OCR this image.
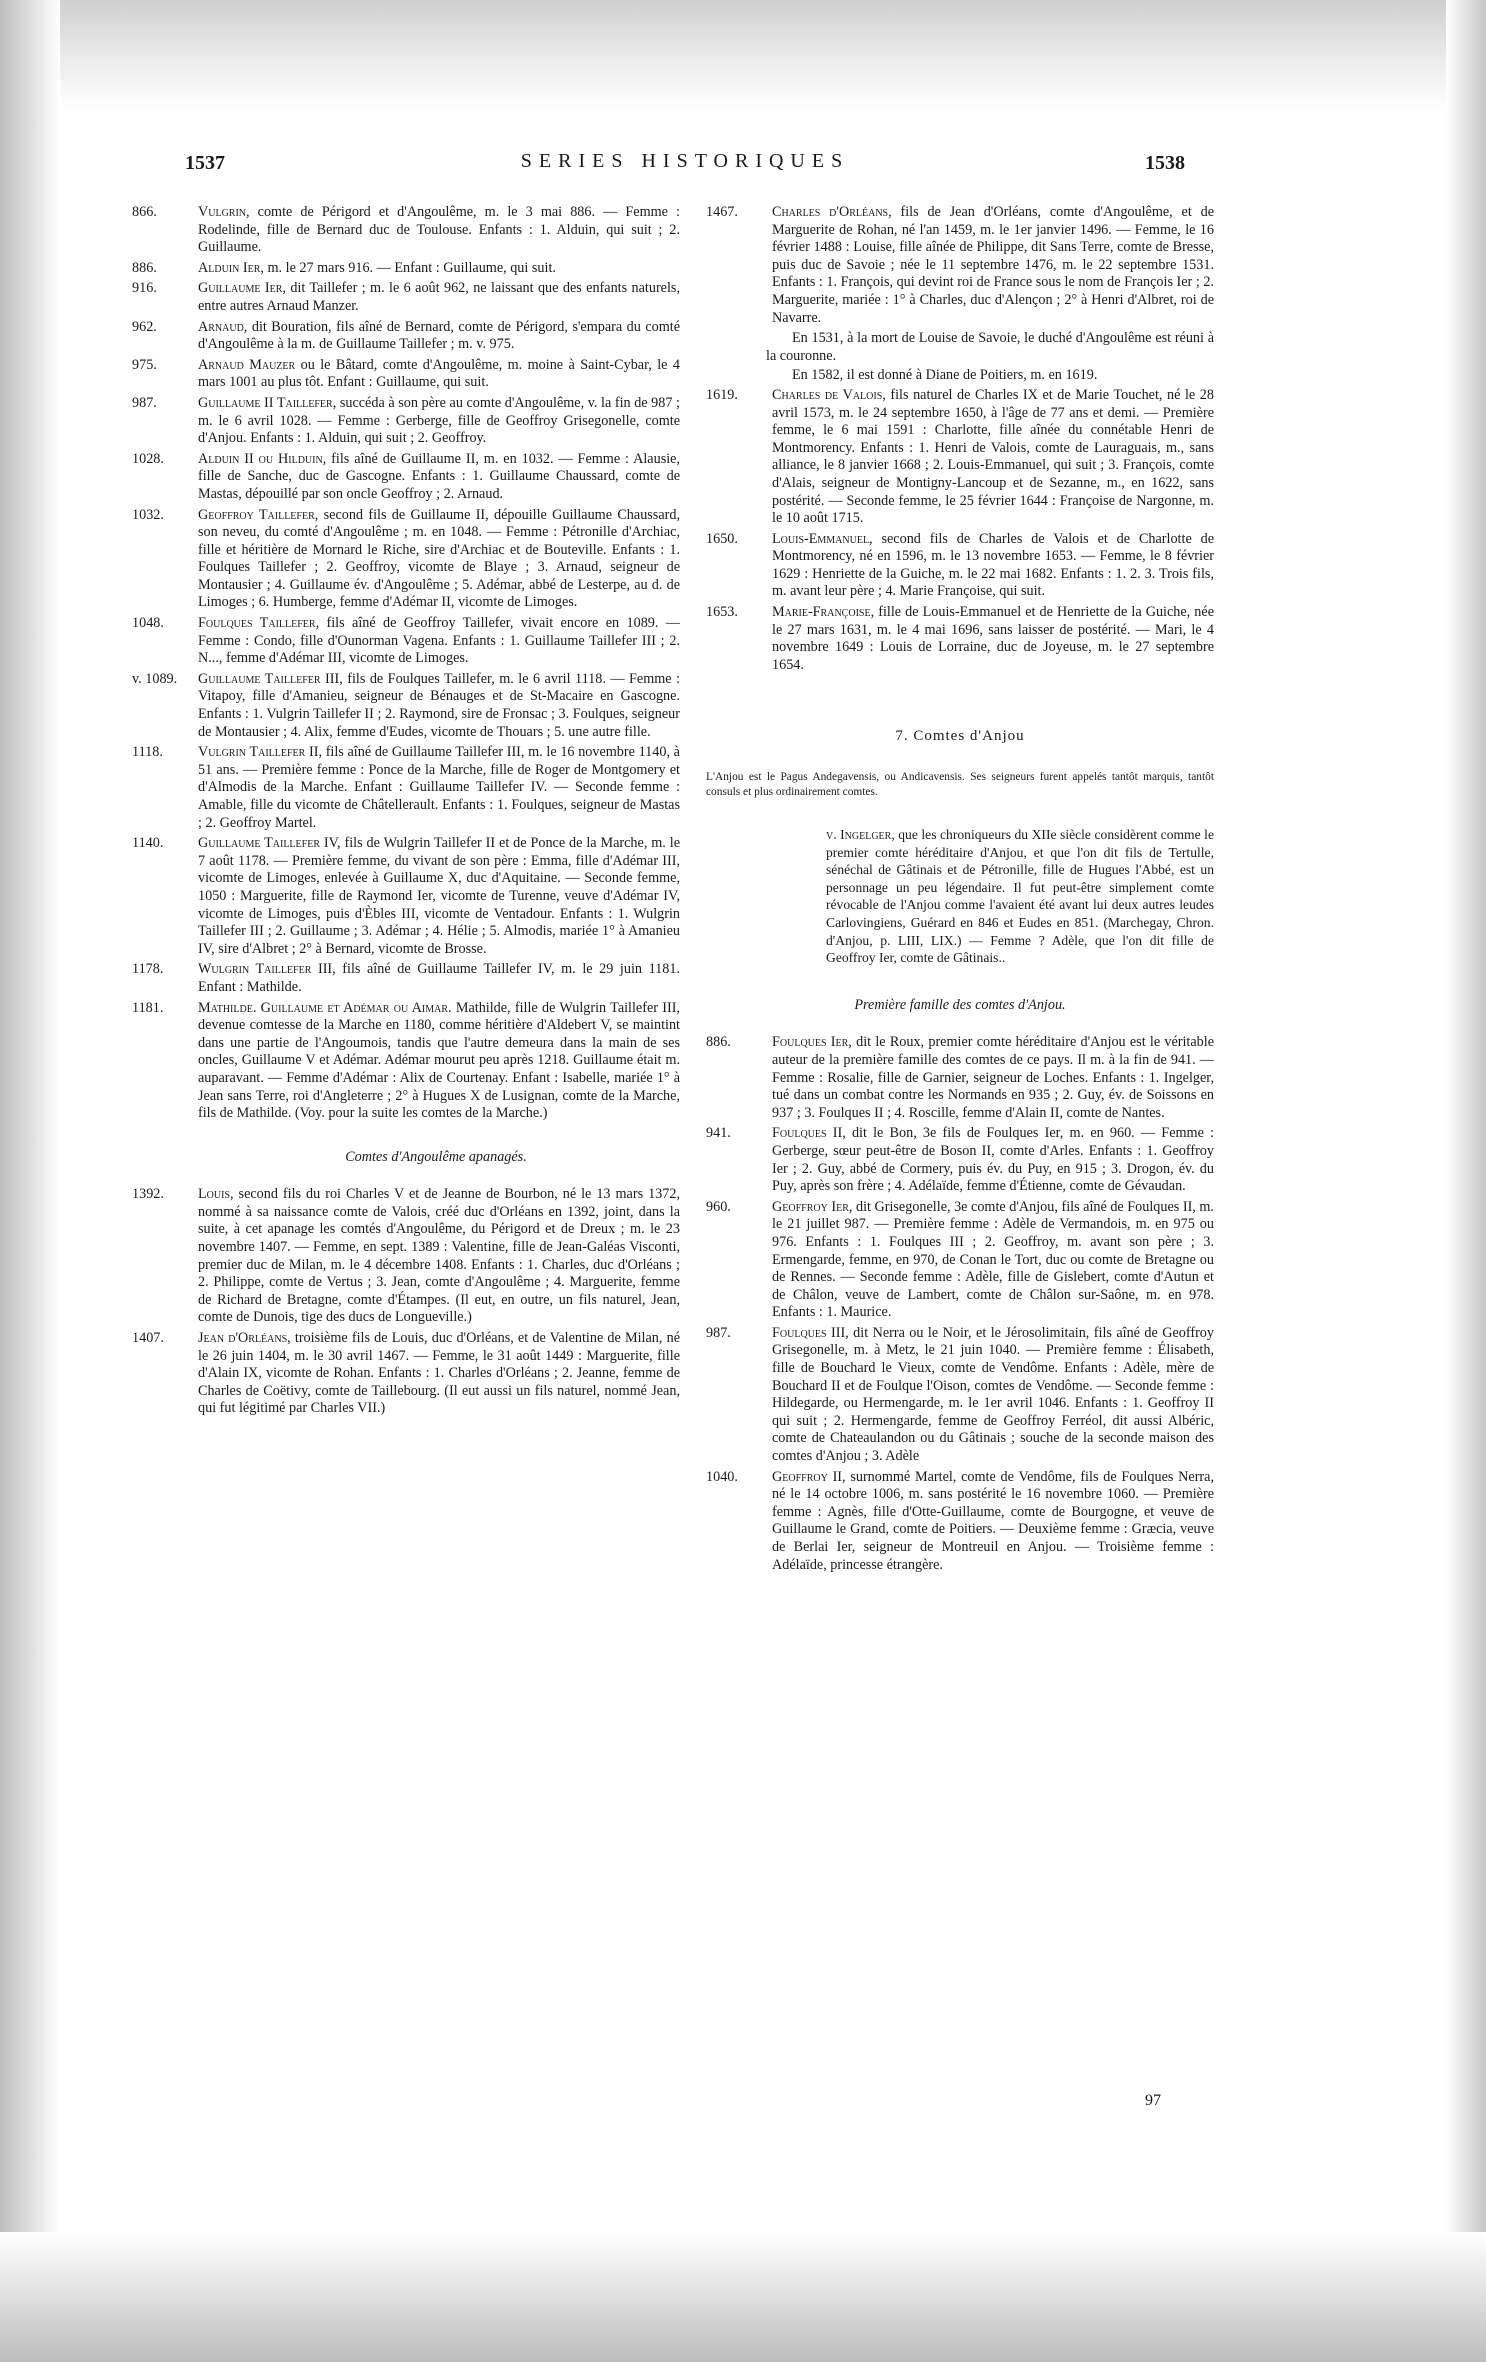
1537	SERIES HISTORIQUES	1538
866.	Vulgrin, comte de Périgord et d'Angoulême, m. le 3 mai 886. — Femme : Rodelinde, fille de Bernard duc de Toulouse. Enfants : 1. Alduin, qui suit ; 2. Guillaume.
886.	Alduin Ier, m. le 27 mars 916. — Enfant : Guillaume, qui suit.
916.	Guillaume Ier, dit Taillefer ; m. le 6 août 962, ne laissant que des enfants naturels, entre autres Arnaud Manzer.
962.	Arnaud, dit Bouration, fils aîné de Bernard, comte de Périgord, s'empara du comté d'Angoulême à la m. de Guillaume Taillefer ; m. v. 975.
975.	Arnaud Mauzer ou le Bâtard, comte d'Angoulême, m. moine à Saint-Cybar, le 4 mars 1001 au plus tôt. Enfant : Guillaume, qui suit.
987.	Guillaume II Taillefer, succéda à son père au comte d'Angoulême, v. la fin de 987 ; m. le 6 avril 1028. — Femme : Gerberge, fille de Geoffroy Grisegonelle, comte d'Anjou. Enfants : 1. Alduin, qui suit ; 2. Geoffroy.
1028.	Alduin II ou Hilduin, fils aîné de Guillaume II, m. en 1032. — Femme : Alausie, fille de Sanche, duc de Gascogne. Enfants : 1. Guillaume Chaussard, comte de Mastas, dépouillé par son oncle Geoffroy ; 2. Arnaud.
1032.	Geoffroy Taillefer, second fils de Guillaume II, dépouille Guillaume Chaussard, son neveu, du comté d'Angoulême ; m. en 1048. — Femme : Pétronille d'Archiac, fille et héritière de Mornard le Riche, sire d'Archiac et de Bouteville. Enfants : 1. Foulques Taillefer ; 2. Geoffroy, vicomte de Blaye ; 3. Arnaud, seigneur de Montausier ; 4. Guillaume év. d'Angoulême ; 5. Adémar, abbé de Lesterpe, au d. de Limoges ; 6. Humberge, femme d'Adémar II, vicomte de Limoges.
1048.	Foulques Taillefer, fils aîné de Geoffroy Taillefer, vivait encore en 1089. — Femme : Condo, fille d'Ounorman Vagena. Enfants : 1. Guillaume Taillefer III ; 2. N..., femme d'Adémar III, vicomte de Limoges.
v. 1089.	Guillaume Taillefer III, fils de Foulques Taillefer, m. le 6 avril 1118. — Femme : Vitapoy, fille d'Amanieu, seigneur de Bénauges et de St-Macaire en Gascogne. Enfants : 1. Vulgrin Taillefer II ; 2. Raymond, sire de Fronsac ; 3. Foulques, seigneur de Montausier ; 4. Alix, femme d'Eudes, vicomte de Thouars ; 5. une autre fille.
1118.	Vulgrin Taillefer II, fils aîné de Guillaume Taillefer III, m. le 16 novembre 1140, à 51 ans. — Première femme : Ponce de la Marche, fille de Roger de Montgomery et d'Almodis de la Marche. Enfant : Guillaume Taillefer IV. — Seconde femme : Amable, fille du vicomte de Châtellerault. Enfants : 1. Foulques, seigneur de Mastas ; 2. Geoffroy Martel.
1140.	Guillaume Taillefer IV, fils de Wulgrin Taillefer II et de Ponce de la Marche, m. le 7 août 1178. — Première femme, du vivant de son père : Emma, fille d'Adémar III, vicomte de Limoges, enlevée à Guillaume X, duc d'Aquitaine. — Seconde femme, 1050 : Marguerite, fille de Raymond Ier, vicomte de Turenne, veuve d'Adémar IV, vicomte de Limoges, puis d'Èbles III, vicomte de Ventadour. Enfants : 1. Wulgrin Taillefer III ; 2. Guillaume ; 3. Adémar ; 4. Hélie ; 5. Almodis, mariée 1° à Amanieu IV, sire d'Albret ; 2° à Bernard, vicomte de Brosse.
1178.	Wulgrin Taillefer III, fils aîné de Guillaume Taillefer IV, m. le 29 juin 1181. Enfant : Mathilde.
1181.	Mathilde. Guillaume et Adémar ou Aimar. Mathilde, fille de Wulgrin Taillefer III, devenue comtesse de la Marche en 1180, comme héritière d'Aldebert V, se maintint dans une partie de l'Angoumois, tandis que l'autre demeura dans la main de ses oncles, Guillaume V et Adémar. Adémar mourut peu après 1218. Guillaume était m. auparavant. — Femme d'Adémar : Alix de Courtenay. Enfant : Isabelle, mariée 1° à Jean sans Terre, roi d'Angleterre ; 2° à Hugues X de Lusignan, comte de la Marche, fils de Mathilde. (Voy. pour la suite les comtes de la Marche.)
Comtes d'Angoulême apanagés.
1392.	Louis, second fils du roi Charles V et de Jeanne de Bourbon, né le 13 mars 1372, nommé à sa naissance comte de Valois, créé duc d'Orléans en 1392, joint, dans la suite, à cet apanage les comtés d'Angoulême, du Périgord et de Dreux ; m. le 23 novembre 1407. — Femme, en sept. 1389 : Valentine, fille de Jean-Galéas Visconti, premier duc de Milan, m. le 4 décembre 1408. Enfants : 1. Charles, duc d'Orléans ; 2. Philippe, comte de Vertus ; 3. Jean, comte d'Angoulême ; 4. Marguerite, femme de Richard de Bretagne, comte d'Étampes. (Il eut, en outre, un fils naturel, Jean, comte de Dunois, tige des ducs de Longueville.)
1407.	Jean d'Orléans, troisième fils de Louis, duc d'Orléans, et de Valentine de Milan, né le 26 juin 1404, m. le 30 avril 1467. — Femme, le 31 août 1449 : Marguerite, fille d'Alain IX, vicomte de Rohan. Enfants : 1. Charles d'Orléans ; 2. Jeanne, femme de Charles de Coëtivy, comte de Taillebourg. (Il eut aussi un fils naturel, nommé Jean, qui fut légitimé par Charles VII.)
1467.	Charles d'Orléans, fils de Jean d'Orléans, comte d'Angoulême, et de Marguerite de Rohan, né l'an 1459, m. le 1er janvier 1496. — Femme, le 16 février 1488 : Louise, fille aînée de Philippe, dit Sans Terre, comte de Bresse, puis duc de Savoie ; née le 11 septembre 1476, m. le 22 septembre 1531. Enfants : 1. François, qui devint roi de France sous le nom de François Ier ; 2. Marguerite, mariée : 1° à Charles, duc d'Alençon ; 2° à Henri d'Albret, roi de Navarre.
En 1531, à la mort de Louise de Savoie, le duché d'Angoulême est réuni à la couronne.
En 1582, il est donné à Diane de Poitiers, m. en 1619.
1619.	Charles de Valois, fils naturel de Charles IX et de Marie Touchet, né le 28 avril 1573, m. le 24 septembre 1650, à l'âge de 77 ans et demi. — Première femme, le 6 mai 1591 : Charlotte, fille aînée du connétable Henri de Montmorency. Enfants : 1. Henri de Valois, comte de Lauraguais, m., sans alliance, le 8 janvier 1668 ; 2. Louis-Emmanuel, qui suit ; 3. François, comte d'Alais, seigneur de Montigny-Lancoup et de Sezanne, m., en 1622, sans postérité. — Seconde femme, le 25 février 1644 : Françoise de Nargonne, m. le 10 août 1715.
1650.	Louis-Emmanuel, second fils de Charles de Valois et de Charlotte de Montmorency, né en 1596, m. le 13 novembre 1653. — Femme, le 8 février 1629 : Henriette de la Guiche, m. le 22 mai 1682. Enfants : 1. 2. 3. Trois fils, m. avant leur père ; 4. Marie Françoise, qui suit.
1653.	Marie-Françoise, fille de Louis-Emmanuel et de Henriette de la Guiche, née le 27 mars 1631, m. le 4 mai 1696, sans laisser de postérité. — Mari, le 4 novembre 1649 : Louis de Lorraine, duc de Joyeuse, m. le 27 septembre 1654.
7. Comtes d'Anjou
L'Anjou est le Pagus Andegavensis, ou Andicavensis. Ses seigneurs furent appelés tantôt marquis, tantôt consuls et plus ordinairement comtes.
v. Ingelger, que les chroniqueurs du XIIe siècle considèrent comme le premier comte héréditaire d'Anjou, et que l'on dit fils de Tertulle, sénéchal de Gâtinais et de Pétronille, fille de Hugues l'Abbé, est un personnage un peu légendaire. Il fut peut-être simplement comte révocable de l'Anjou comme l'avaient été avant lui deux autres leudes Carlovingiens, Guérard en 846 et Eudes en 851. (Marchegay, Chron. d'Anjou, p. LIII, LIX.) — Femme ? Adèle, que l'on dit fille de Geoffroy Ier, comte de Gâtinais..
Première famille des comtes d'Anjou.
886.	Foulques Ier, dit le Roux, premier comte héréditaire d'Anjou est le véritable auteur de la première famille des comtes de ce pays. Il m. à la fin de 941. — Femme : Rosalie, fille de Garnier, seigneur de Loches. Enfants : 1. Ingelger, tué dans un combat contre les Normands en 935 ; 2. Guy, év. de Soissons en 937 ; 3. Foulques II ; 4. Roscille, femme d'Alain II, comte de Nantes.
941.	Foulques II, dit le Bon, 3e fils de Foulques Ier, m. en 960. — Femme : Gerberge, sœur peut-être de Boson II, comte d'Arles. Enfants : 1. Geoffroy Ier ; 2. Guy, abbé de Cormery, puis év. du Puy, en 915 ; 3. Drogon, év. du Puy, après son frère ; 4. Adélaïde, femme d'Étienne, comte de Gévaudan.
960.	Geoffroy Ier, dit Grisegonelle, 3e comte d'Anjou, fils aîné de Foulques II, m. le 21 juillet 987. — Première femme : Adèle de Vermandois, m. en 975 ou 976. Enfants : 1. Foulques III ; 2. Geoffroy, m. avant son père ; 3. Ermengarde, femme, en 970, de Conan le Tort, duc ou comte de Bretagne ou de Rennes. — Seconde femme : Adèle, fille de Gislebert, comte d'Autun et de Châlon, veuve de Lambert, comte de Châlon sur-Saône, m. en 978. Enfants : 1. Maurice.
987.	Foulques III, dit Nerra ou le Noir, et le Jérosolimitain, fils aîné de Geoffroy Grisegonelle, m. à Metz, le 21 juin 1040. — Première femme : Élisabeth, fille de Bouchard le Vieux, comte de Vendôme. Enfants : Adèle, mère de Bouchard II et de Foulque l'Oison, comtes de Vendôme. — Seconde femme : Hildegarde, ou Hermengarde, m. le 1er avril 1046. Enfants : 1. Geoffroy II qui suit ; 2. Hermengarde, femme de Geoffroy Ferréol, dit aussi Albéric, comte de Chateaulandon ou du Gâtinais ; souche de la seconde maison des comtes d'Anjou ; 3. Adèle
1040.	Geoffroy II, surnommé Martel, comte de Vendôme, fils de Foulques Nerra, né le 14 octobre 1006, m. sans postérité le 16 novembre 1060. — Première femme : Agnès, fille d'Otte-Guillaume, comte de Bourgogne, et veuve de Guillaume le Grand, comte de Poitiers. — Deuxième femme : Græcia, veuve de Berlai Ier, seigneur de Montreuil en Anjou. — Troisième femme : Adélaïde, princesse étrangère.
97
